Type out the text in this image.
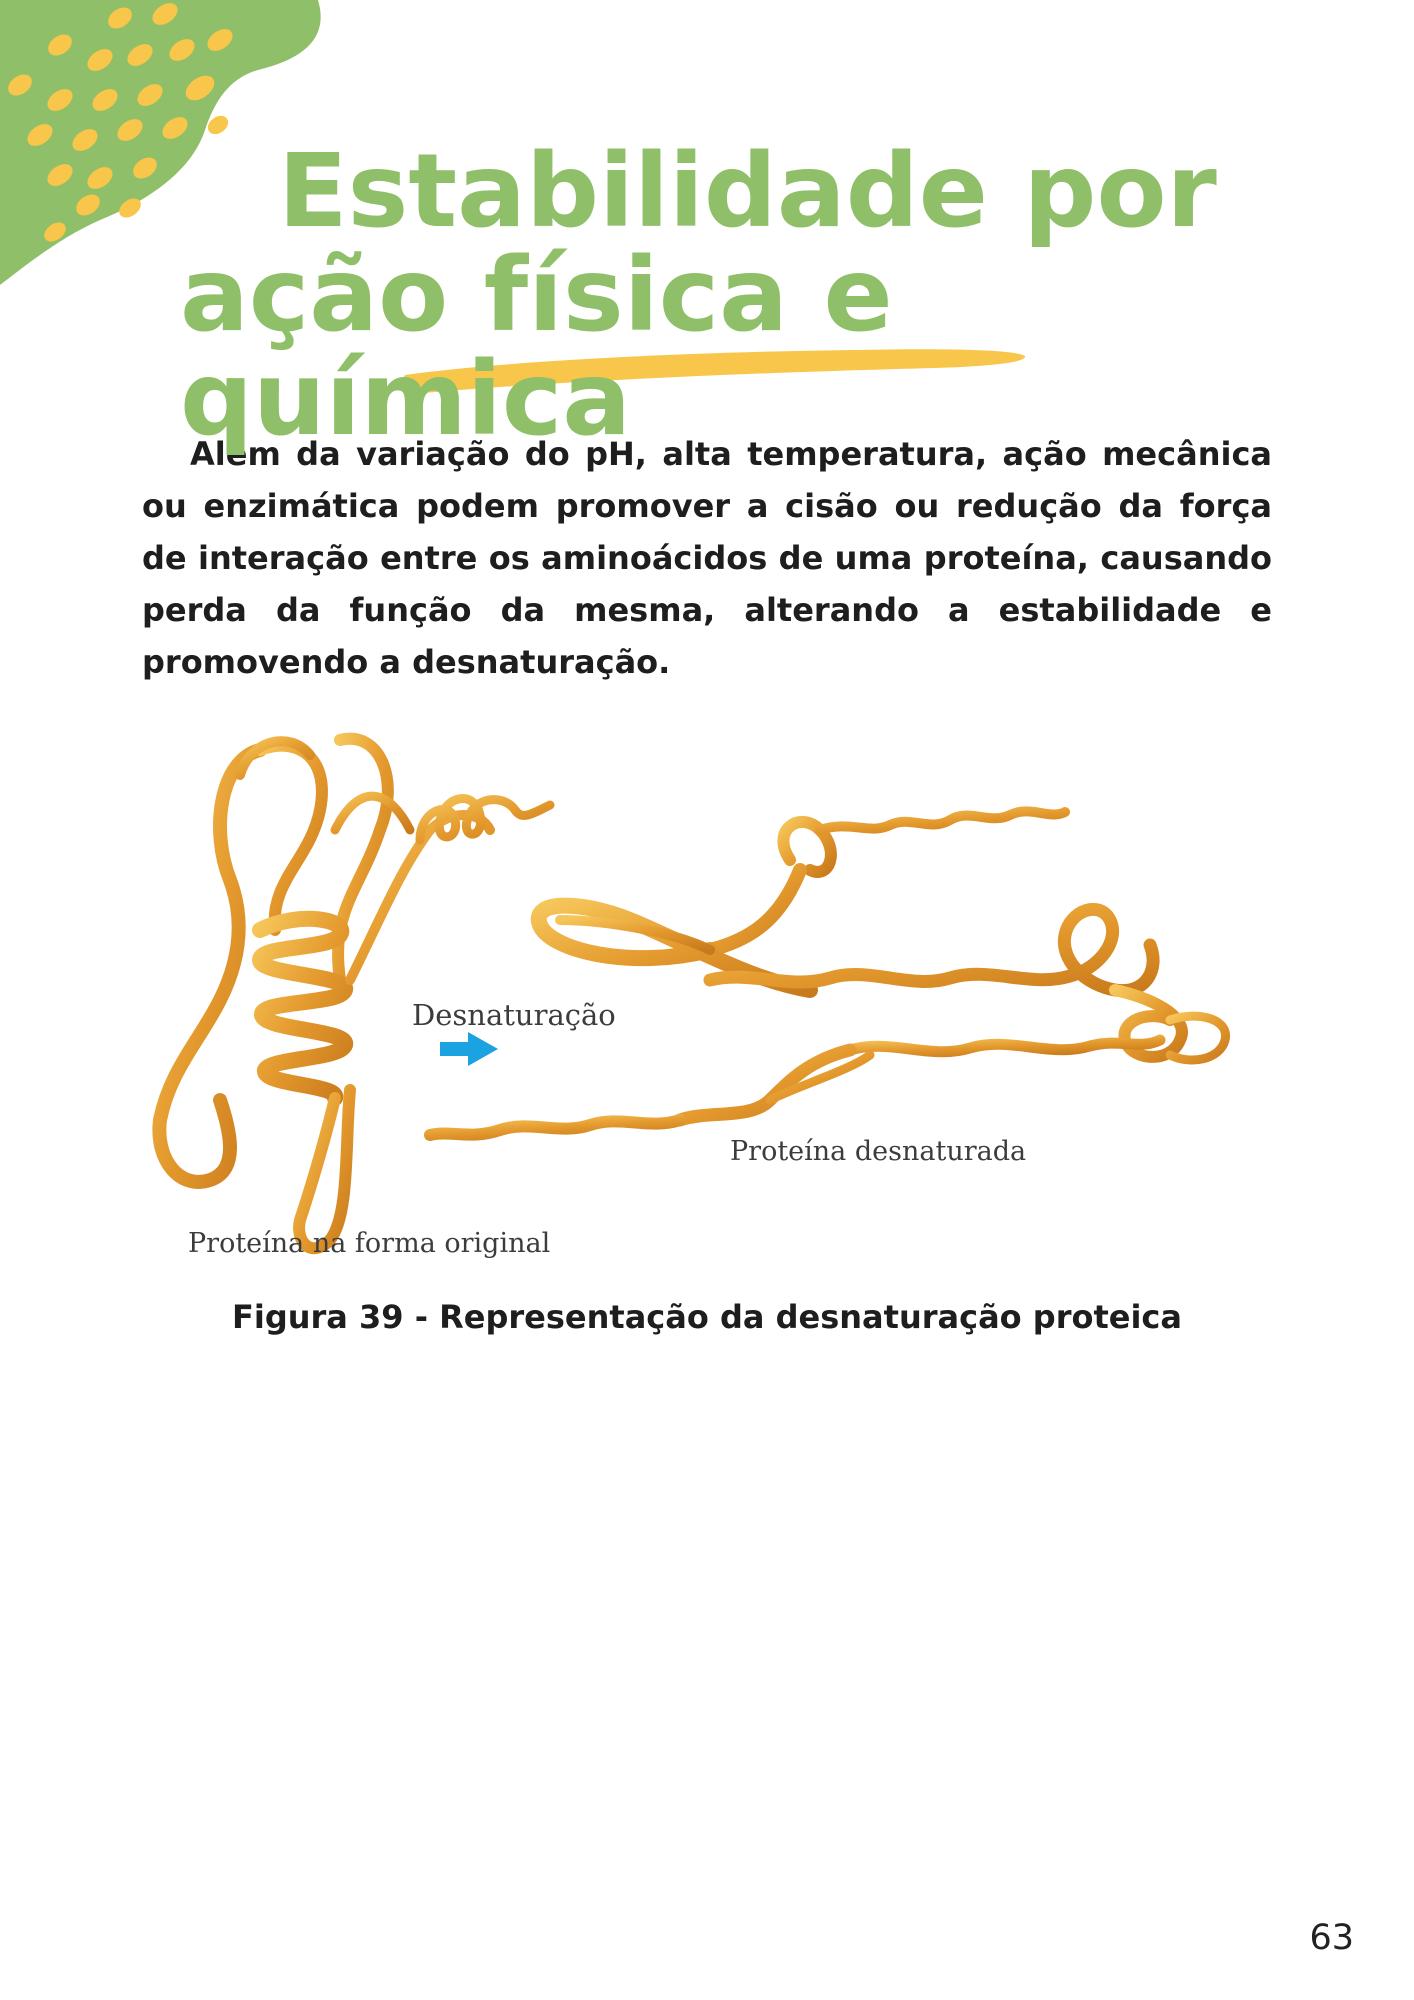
Estabilidade por
ação física e química

Além da variação do pH, alta temperatura, ação mecânica ou enzimática podem promover a cisão ou redução da força de interação entre os aminoácidos de uma proteína, causando perda da função da mesma, alterando a estabilidade e promovendo a desnaturação.

Desnaturação
Proteína desnaturada
Proteína na forma original

Figura 39 - Representação da desnaturação proteica

63
